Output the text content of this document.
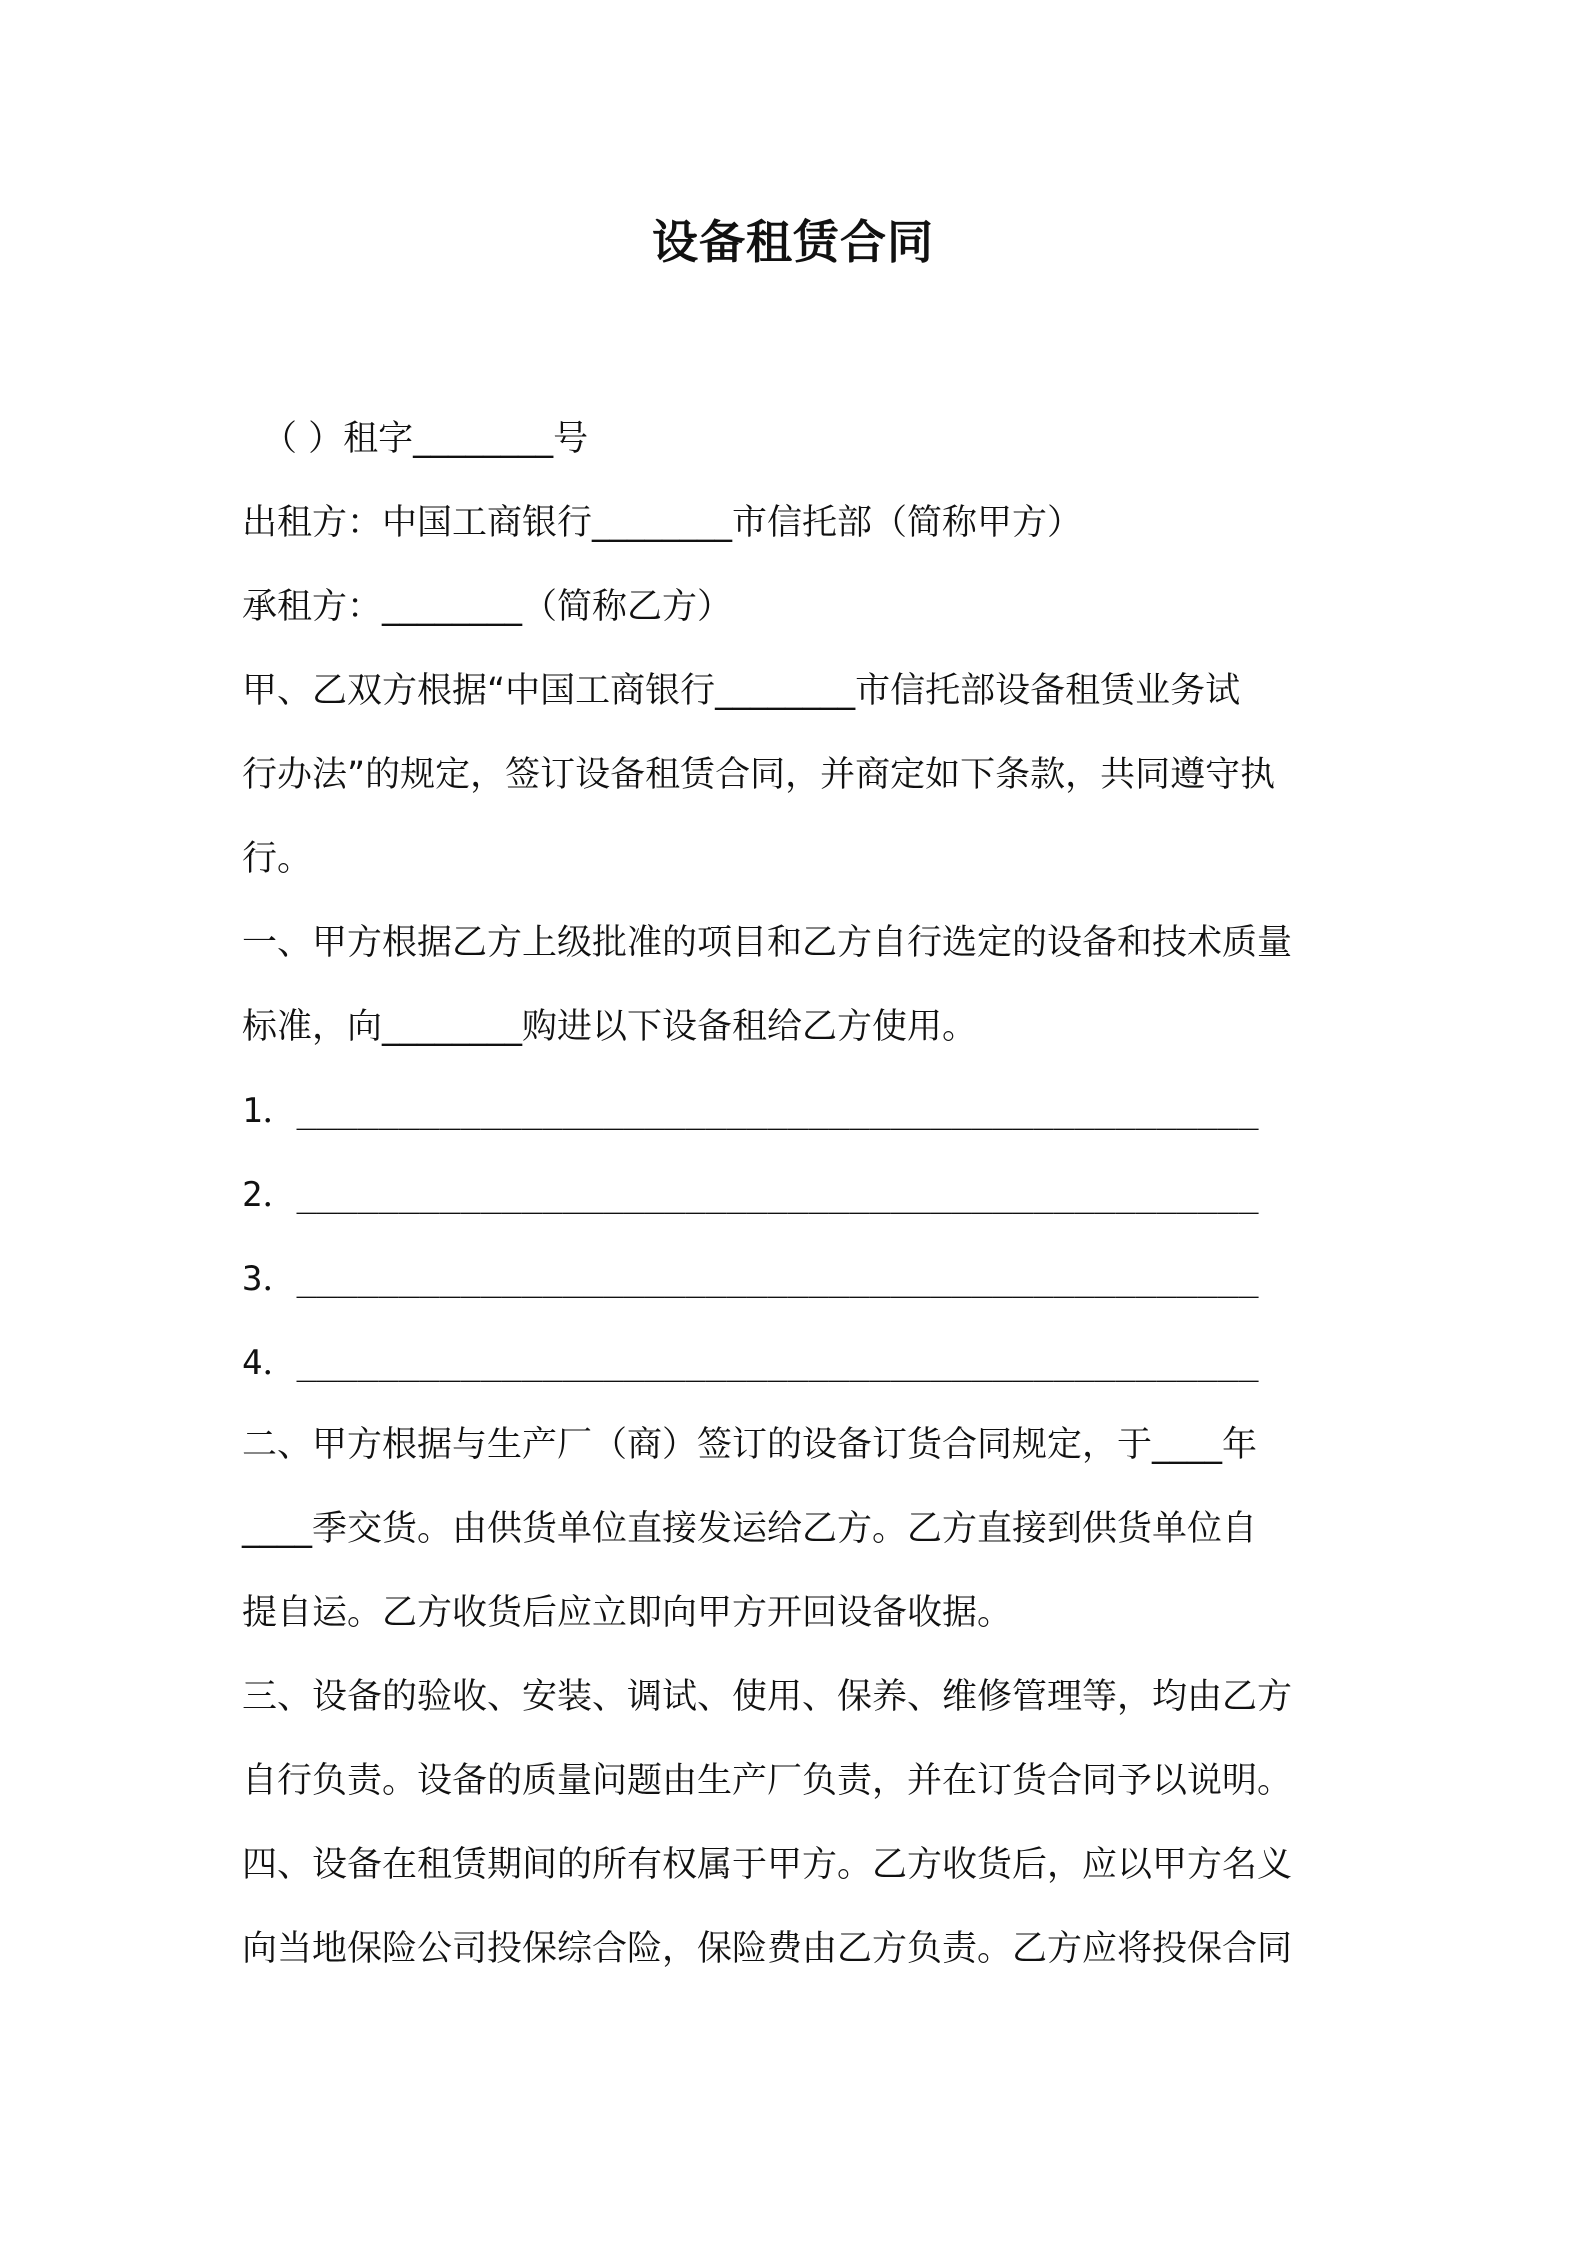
设备租赁合同
（ ）租字________号
出租方：中国工商银行________市信托部（简称甲方）
承租方：________（简称乙方）
甲、乙双方根据“中国工商银行________市信托部设备租赁业务试
行办法”的规定，签订设备租赁合同，并商定如下条款，共同遵守执
行。
一、甲方根据乙方上级批准的项目和乙方自行选定的设备和技术质量
标准，向________购进以下设备租给乙方使用。
1．_______________________________________________
2．_______________________________________________
3．_______________________________________________
4．_______________________________________________
二、甲方根据与生产厂（商）签订的设备订货合同规定，于____年
____季交货。由供货单位直接发运给乙方。乙方直接到供货单位自
提自运。乙方收货后应立即向甲方开回设备收据。
三、设备的验收、安装、调试、使用、保养、维修管理等，均由乙方
自行负责。设备的质量问题由生产厂负责，并在订货合同予以说明。
四、设备在租赁期间的所有权属于甲方。乙方收货后，应以甲方名义
向当地保险公司投保综合险，保险费由乙方负责。乙方应将投保合同
